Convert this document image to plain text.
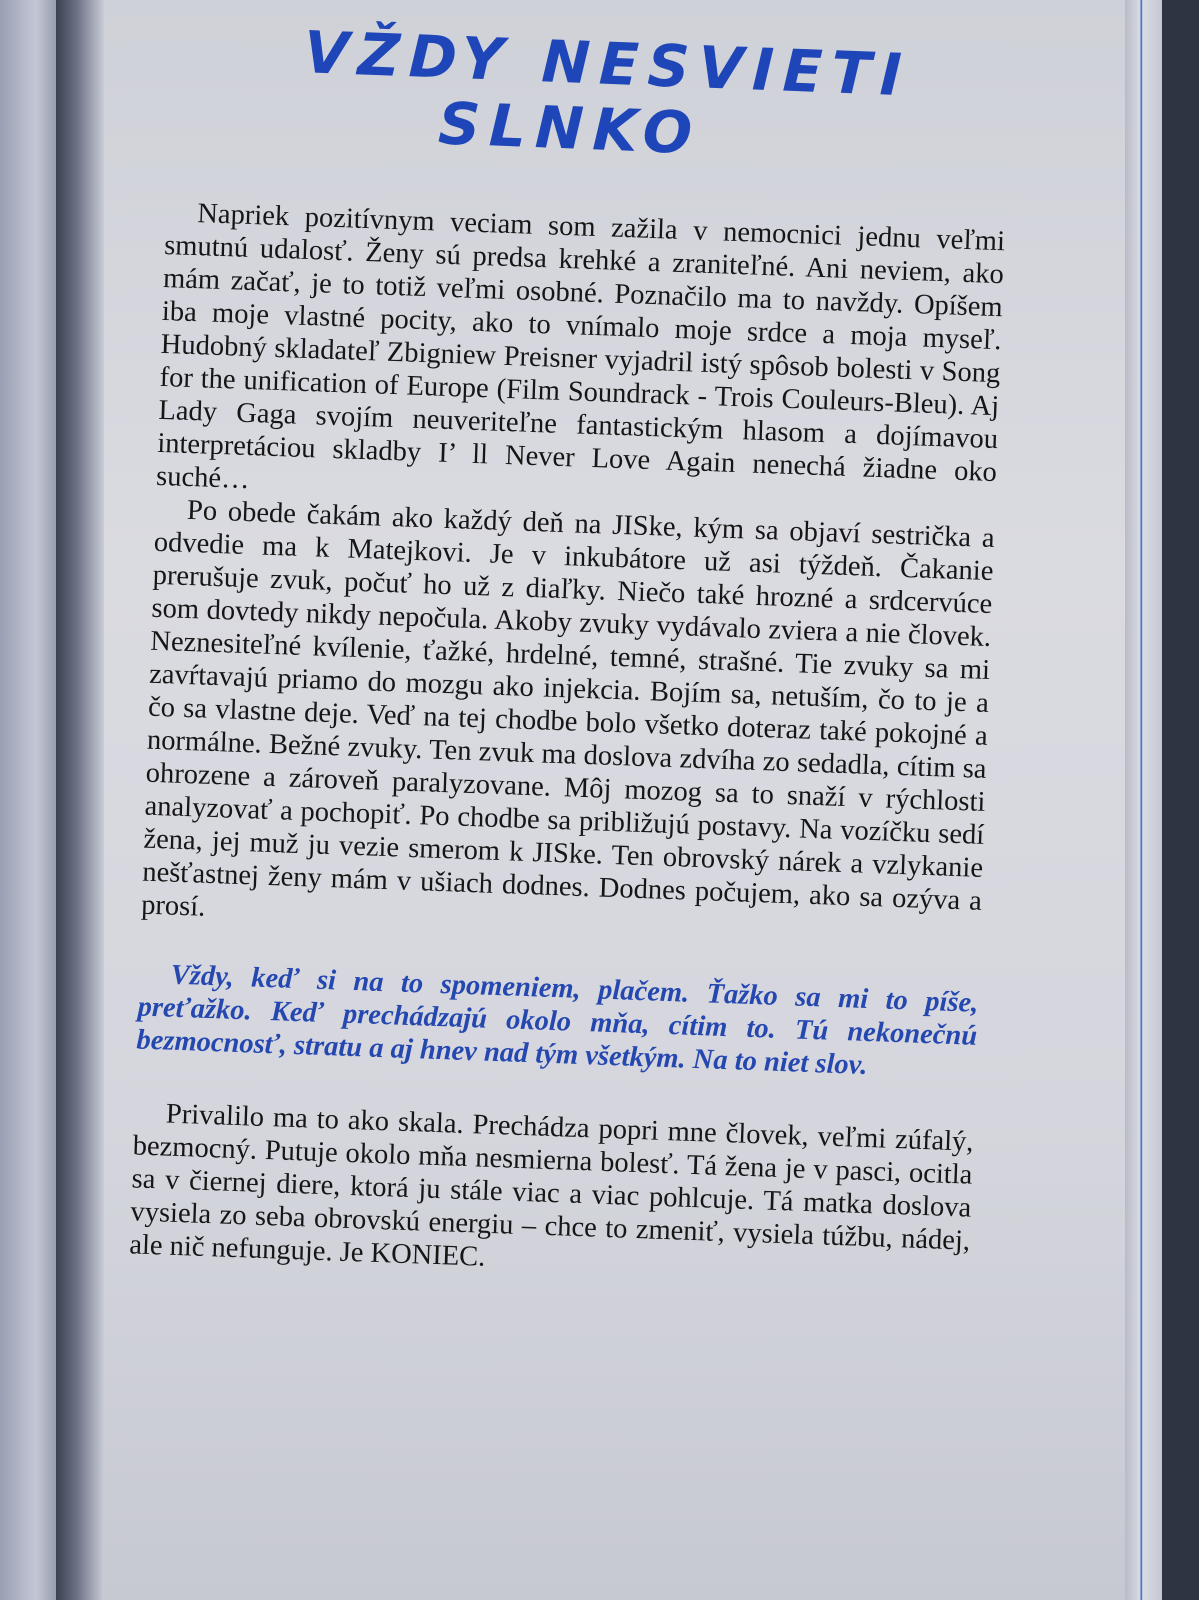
VŽDY NESVIETI
SLNKO

Napriek pozitívnym veciam som zažila v nemocnici jednu veľmi smutnú udalosť. Ženy sú predsa krehké a zraniteľné. Ani neviem, ako mám začať, je to totiž veľmi osobné. Poznačilo ma to navždy. Opíšem iba moje vlastné pocity, ako to vnímalo moje srdce a moja myseľ. Hudobný skladateľ Zbigniew Preisner vyjadril istý spôsob bolesti v Song for the unification of Europe (Film Soundrack - Trois Couleurs-Bleu). Aj Lady Gaga svojím neuveriteľne fantastickým hlasom a dojímavou interpretáciou skladby I’ ll Never Love Again nenechá žiadne oko suché…

Po obede čakám ako každý deň na JISke, kým sa objaví sestrička a odvedie ma k Matejkovi. Je v inkubátore už asi týždeň. Čakanie prerušuje zvuk, počuť ho už z diaľky. Niečo také hrozné a srdcervúce som dovtedy nikdy nepočula. Akoby zvuky vydávalo zviera a nie človek. Neznesiteľné kvílenie, ťažké, hrdelné, temné, strašné. Tie zvuky sa mi zavŕtavajú priamo do mozgu ako injekcia. Bojím sa, netuším, čo to je a čo sa vlastne deje. Veď na tej chodbe bolo všetko doteraz také pokojné a normálne. Bežné zvuky. Ten zvuk ma doslova zdvíha zo sedadla, cítim sa ohrozene a zároveň paralyzovane. Môj mozog sa to snaží v rýchlosti analyzovať a pochopiť. Po chodbe sa približujú postavy. Na vozíčku sedí žena, jej muž ju vezie smerom k JISke. Ten obrovský nárek a vzlykanie nešťastnej ženy mám v ušiach dodnes. Dodnes počujem, ako sa ozýva a prosí.

Vždy, keď si na to spomeniem, plačem. Ťažko sa mi to píše, preťažko. Keď prechádzajú okolo mňa, cítim to. Tú nekonečnú bezmocnosť, stratu a aj hnev nad tým všetkým. Na to niet slov.

Privalilo ma to ako skala. Prechádza popri mne človek, veľmi zúfalý, bezmocný. Putuje okolo mňa nesmierna bolesť. Tá žena je v pasci, ocitla sa v čiernej diere, ktorá ju stále viac a viac pohlcuje. Tá matka doslova vysiela zo seba obrovskú energiu – chce to zmeniť, vysiela túžbu, nádej, ale nič nefunguje. Je KONIEC.
